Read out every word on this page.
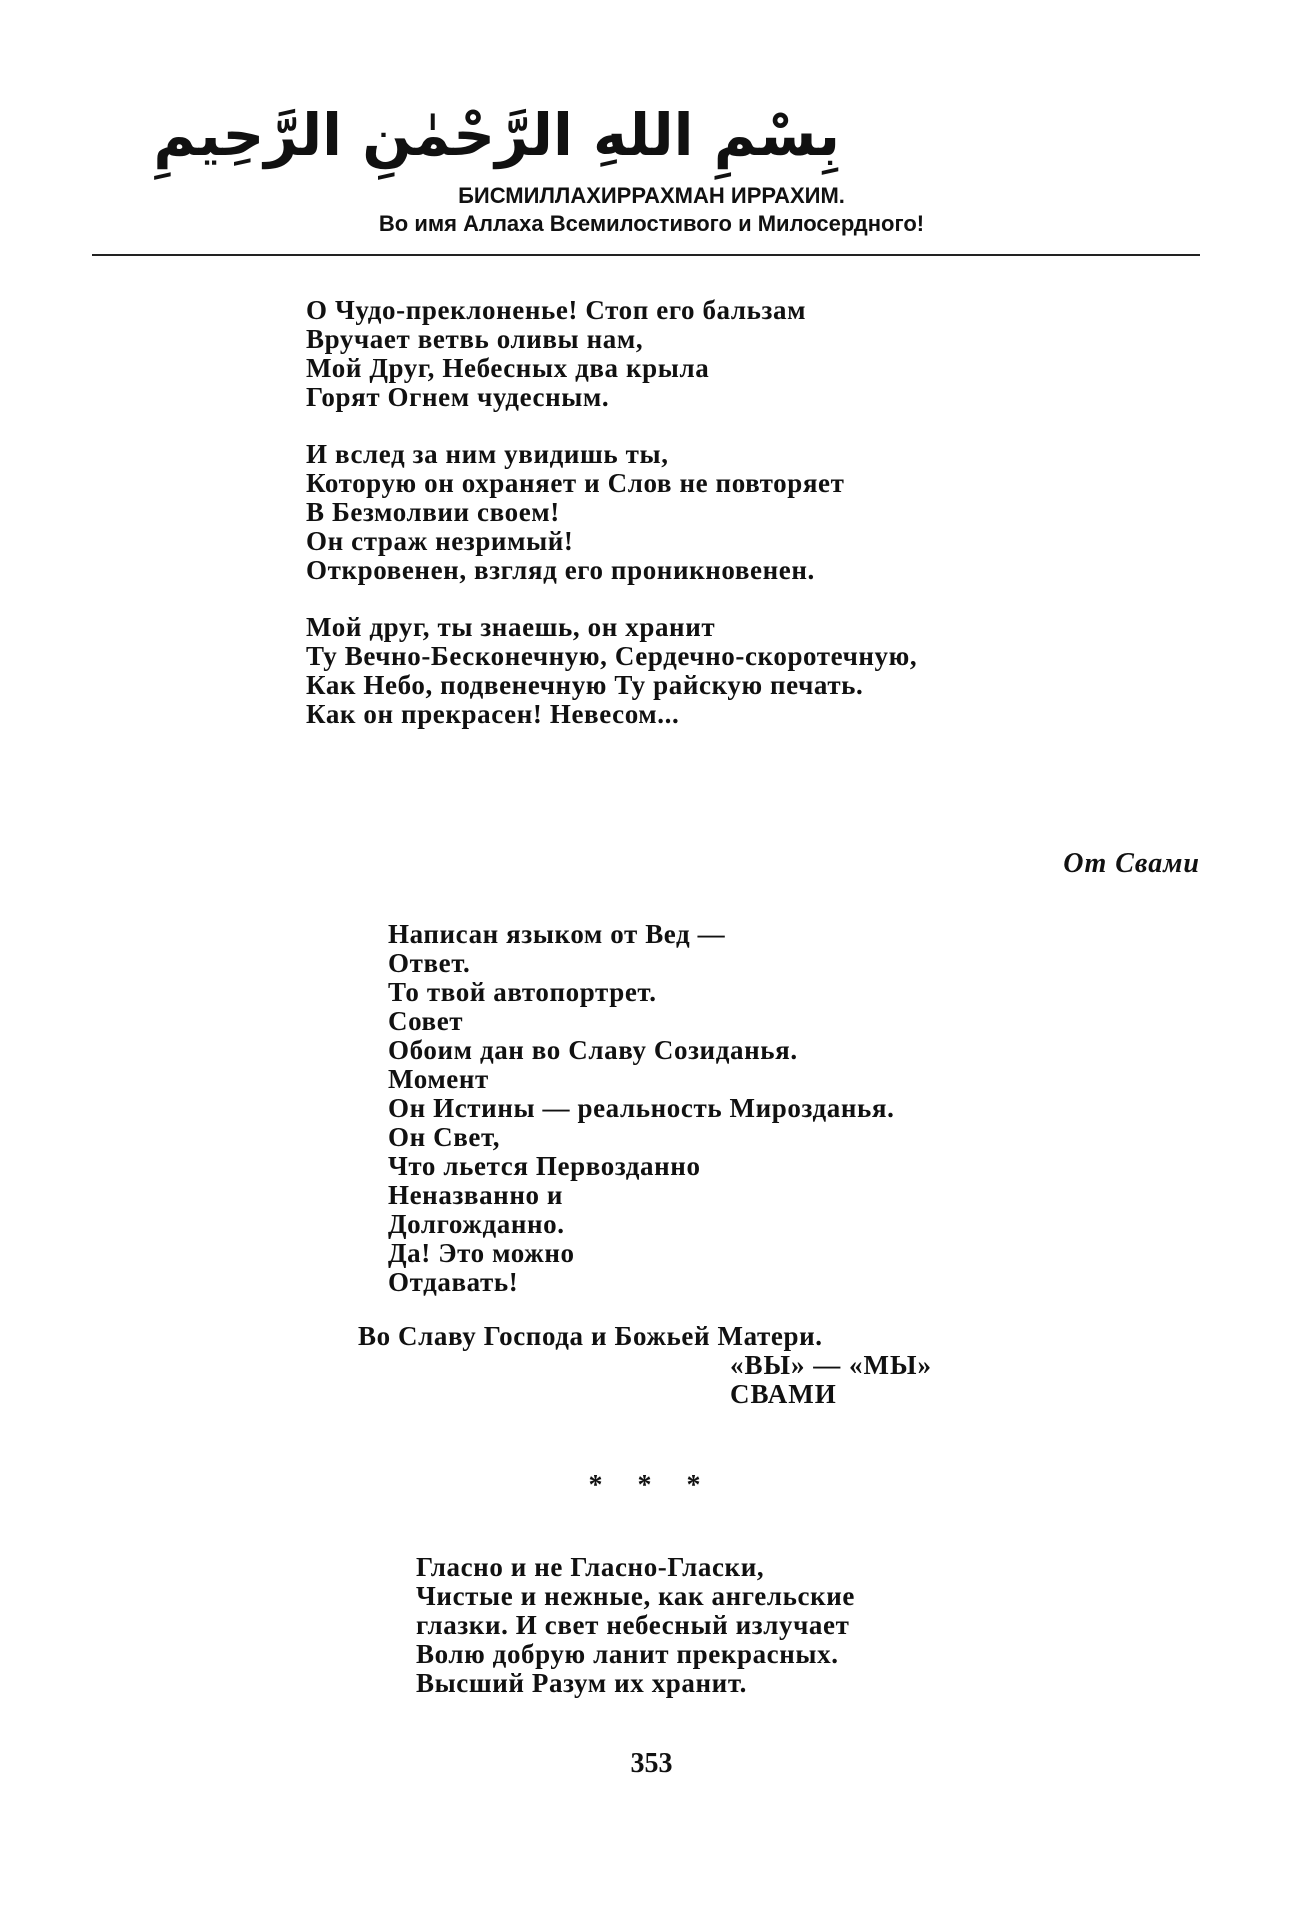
بِسْمِ اللهِ الرَّحْمٰنِ الرَّحِيمِ
БИСМИЛЛАХИРРАХМАН ИРРАХИМ.
Во имя Аллаха Всемилостивого и Милосердного!
О Чудо-преклоненье! Стоп его бальзам
Вручает ветвь оливы нам,
Мой Друг, Небесных два крыла
Горят Огнем чудесным.
И вслед за ним увидишь ты,
Которую он охраняет и Слов не повторяет
В Безмолвии своем!
Он страж незримый!
Откровенен, взгляд его проникновенен.
Мой друг, ты знаешь, он хранит
Ту Вечно-Бесконечную, Сердечно-скоротечную,
Как Небо, подвенечную Ту райскую печать.
Как он прекрасен! Невесом...
От Свами
Написан языком от Вед —
Ответ.
То твой автопортрет.
Совет
Обоим дан во Славу Созиданья.
Момент
Он Истины — реальность Мирозданья.
Он Свет,
Что льется Первозданно
Неназванно и
Долгожданно.
Да! Это можно
Отдавать!
Во Славу Господа и Божьей Матери.
«ВЫ» — «МЫ»
СВАМИ
* * *
Гласно и не Гласно-Гласки,
Чистые и нежные, как ангельские
глазки. И свет небесный излучает
Волю добрую ланит прекрасных.
Высший Разум их хранит.
353
